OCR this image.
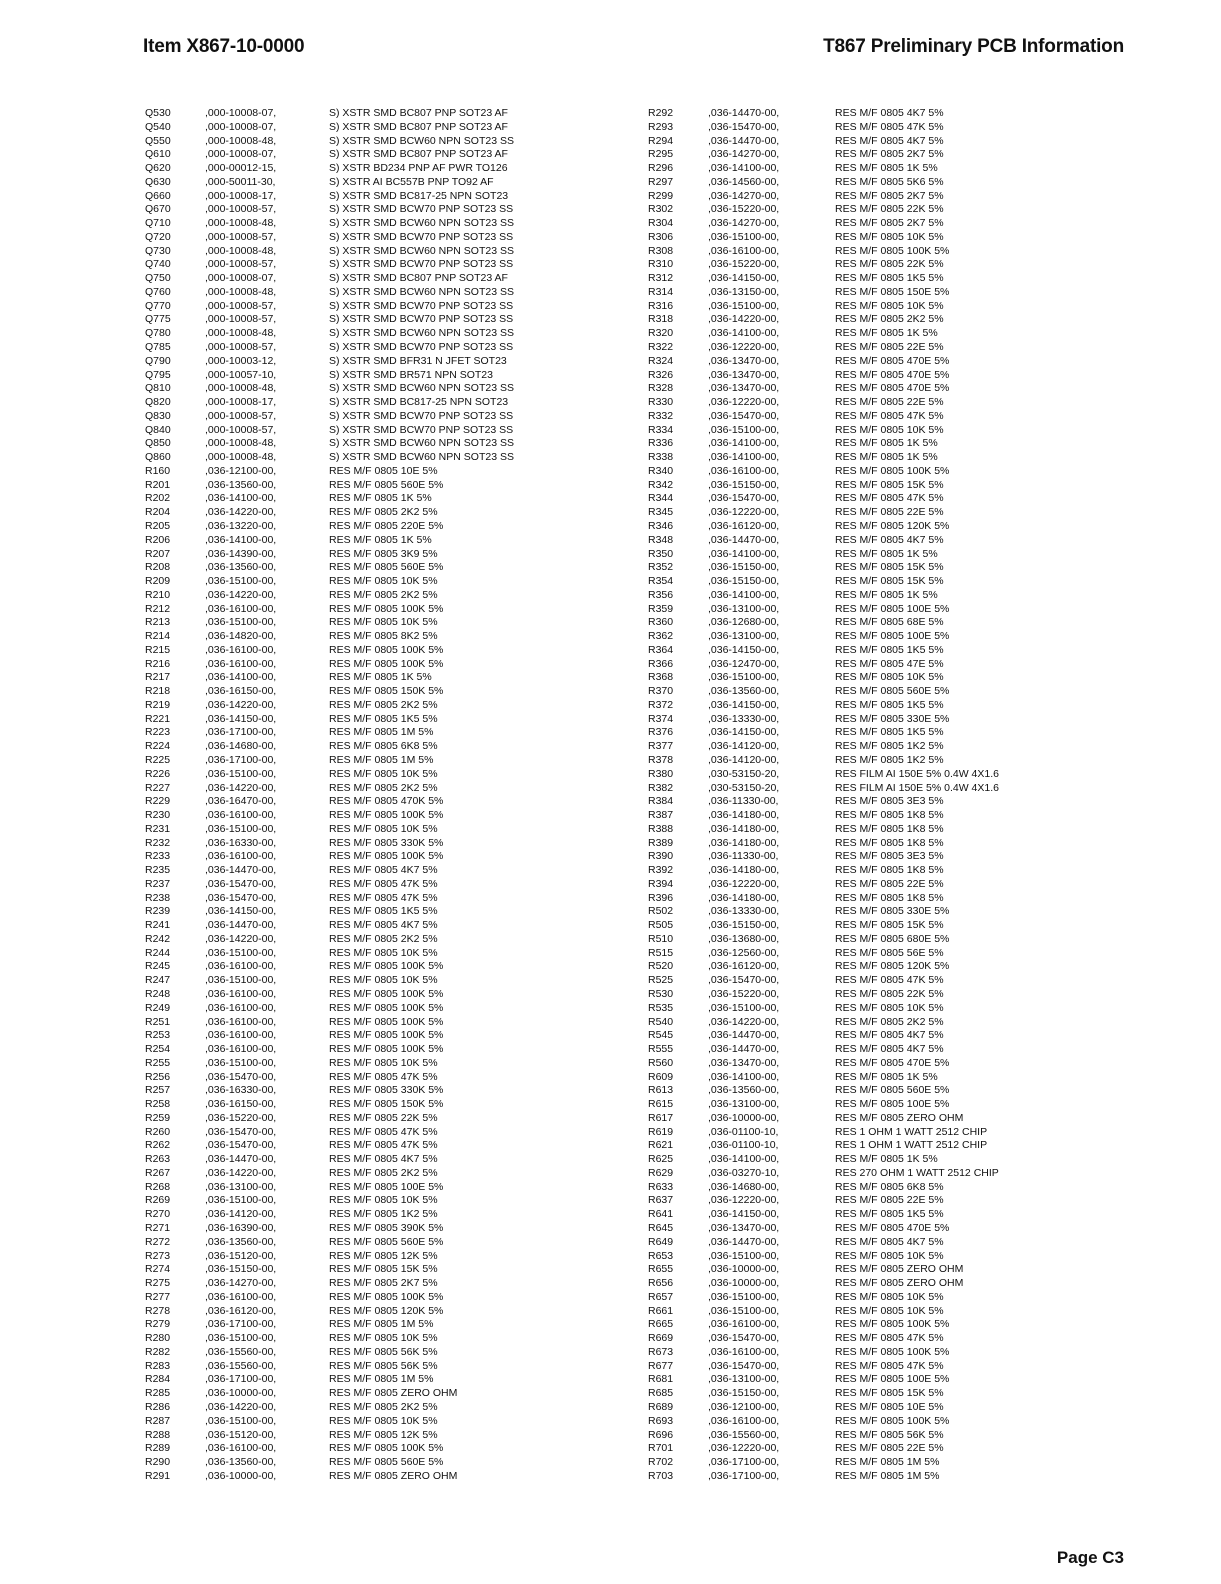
Item X867-10-0000	T867 Preliminary PCB Information
Q530	,000-10008-07,	S) XSTR SMD BC807 PNP SOT23 AF
Q540	,000-10008-07,	S) XSTR SMD BC807 PNP SOT23 AF
Q550	,000-10008-48,	S) XSTR SMD BCW60 NPN SOT23 SS
Q610	,000-10008-07,	S) XSTR SMD BC807 PNP SOT23 AF
Q620	,000-00012-15,	S) XSTR BD234 PNP AF PWR TO126
Q630	,000-50011-30,	S) XSTR AI BC557B PNP TO92 AF
Q660	,000-10008-17,	S) XSTR SMD BC817-25 NPN SOT23
Q670	,000-10008-57,	S) XSTR SMD BCW70 PNP SOT23 SS
Q710	,000-10008-48,	S) XSTR SMD BCW60 NPN SOT23 SS
Q720	,000-10008-57,	S) XSTR SMD BCW70 PNP SOT23 SS
Q730	,000-10008-48,	S) XSTR SMD BCW60 NPN SOT23 SS
Q740	,000-10008-57,	S) XSTR SMD BCW70 PNP SOT23 SS
Q750	,000-10008-07,	S) XSTR SMD BC807 PNP SOT23 AF
Q760	,000-10008-48,	S) XSTR SMD BCW60 NPN SOT23 SS
Q770	,000-10008-57,	S) XSTR SMD BCW70 PNP SOT23 SS
Q775	,000-10008-57,	S) XSTR SMD BCW70 PNP SOT23 SS
Q780	,000-10008-48,	S) XSTR SMD BCW60 NPN SOT23 SS
Q785	,000-10008-57,	S) XSTR SMD BCW70 PNP SOT23 SS
Q790	,000-10003-12,	S) XSTR SMD BFR31 N JFET SOT23
Q795	,000-10057-10,	S) XSTR SMD BR571 NPN SOT23
Q810	,000-10008-48,	S) XSTR SMD BCW60 NPN SOT23 SS
Q820	,000-10008-17,	S) XSTR SMD BC817-25 NPN SOT23
Q830	,000-10008-57,	S) XSTR SMD BCW70 PNP SOT23 SS
Q840	,000-10008-57,	S) XSTR SMD BCW70 PNP SOT23 SS
Q850	,000-10008-48,	S) XSTR SMD BCW60 NPN SOT23 SS
Q860	,000-10008-48,	S) XSTR SMD BCW60 NPN SOT23 SS
R160	,036-12100-00,	RES M/F 0805 10E 5%
R201	,036-13560-00,	RES M/F 0805 560E 5%
R202	,036-14100-00,	RES M/F 0805 1K 5%
R204	,036-14220-00,	RES M/F 0805 2K2 5%
R205	,036-13220-00,	RES M/F 0805 220E 5%
R206	,036-14100-00,	RES M/F 0805 1K 5%
R207	,036-14390-00,	RES M/F 0805 3K9 5%
R208	,036-13560-00,	RES M/F 0805 560E 5%
R209	,036-15100-00,	RES M/F 0805 10K 5%
R210	,036-14220-00,	RES M/F 0805 2K2 5%
R212	,036-16100-00,	RES M/F 0805 100K 5%
R213	,036-15100-00,	RES M/F 0805 10K 5%
R214	,036-14820-00,	RES M/F 0805 8K2 5%
R215	,036-16100-00,	RES M/F 0805 100K 5%
R216	,036-16100-00,	RES M/F 0805 100K 5%
R217	,036-14100-00,	RES M/F 0805 1K 5%
R218	,036-16150-00,	RES M/F 0805 150K 5%
R219	,036-14220-00,	RES M/F 0805 2K2 5%
R221	,036-14150-00,	RES M/F 0805 1K5 5%
R223	,036-17100-00,	RES M/F 0805 1M 5%
R224	,036-14680-00,	RES M/F 0805 6K8 5%
R225	,036-17100-00,	RES M/F 0805 1M 5%
R226	,036-15100-00,	RES M/F 0805 10K 5%
R227	,036-14220-00,	RES M/F 0805 2K2 5%
R229	,036-16470-00,	RES M/F 0805 470K 5%
R230	,036-16100-00,	RES M/F 0805 100K 5%
R231	,036-15100-00,	RES M/F 0805 10K 5%
R232	,036-16330-00,	RES M/F 0805 330K 5%
R233	,036-16100-00,	RES M/F 0805 100K 5%
R235	,036-14470-00,	RES M/F 0805 4K7 5%
R237	,036-15470-00,	RES M/F 0805 47K 5%
R238	,036-15470-00,	RES M/F 0805 47K 5%
R239	,036-14150-00,	RES M/F 0805 1K5 5%
R241	,036-14470-00,	RES M/F 0805 4K7 5%
R242	,036-14220-00,	RES M/F 0805 2K2 5%
R244	,036-15100-00,	RES M/F 0805 10K 5%
R245	,036-16100-00,	RES M/F 0805 100K 5%
R247	,036-15100-00,	RES M/F 0805 10K 5%
R248	,036-16100-00,	RES M/F 0805 100K 5%
R249	,036-16100-00,	RES M/F 0805 100K 5%
R251	,036-16100-00,	RES M/F 0805 100K 5%
R253	,036-16100-00,	RES M/F 0805 100K 5%
R254	,036-16100-00,	RES M/F 0805 100K 5%
R255	,036-15100-00,	RES M/F 0805 10K 5%
R256	,036-15470-00,	RES M/F 0805 47K 5%
R257	,036-16330-00,	RES M/F 0805 330K 5%
R258	,036-16150-00,	RES M/F 0805 150K 5%
R259	,036-15220-00,	RES M/F 0805 22K 5%
R260	,036-15470-00,	RES M/F 0805 47K 5%
R262	,036-15470-00,	RES M/F 0805 47K 5%
R263	,036-14470-00,	RES M/F 0805 4K7 5%
R267	,036-14220-00,	RES M/F 0805 2K2 5%
R268	,036-13100-00,	RES M/F 0805 100E 5%
R269	,036-15100-00,	RES M/F 0805 10K 5%
R270	,036-14120-00,	RES M/F 0805 1K2 5%
R271	,036-16390-00,	RES M/F 0805 390K 5%
R272	,036-13560-00,	RES M/F 0805 560E 5%
R273	,036-15120-00,	RES M/F 0805 12K 5%
R274	,036-15150-00,	RES M/F 0805 15K 5%
R275	,036-14270-00,	RES M/F 0805 2K7 5%
R277	,036-16100-00,	RES M/F 0805 100K 5%
R278	,036-16120-00,	RES M/F 0805 120K 5%
R279	,036-17100-00,	RES M/F 0805 1M 5%
R280	,036-15100-00,	RES M/F 0805 10K 5%
R282	,036-15560-00,	RES M/F 0805 56K 5%
R283	,036-15560-00,	RES M/F 0805 56K 5%
R284	,036-17100-00,	RES M/F 0805 1M 5%
R285	,036-10000-00,	RES M/F 0805 ZERO OHM
R286	,036-14220-00,	RES M/F 0805 2K2 5%
R287	,036-15100-00,	RES M/F 0805 10K 5%
R288	,036-15120-00,	RES M/F 0805 12K 5%
R289	,036-16100-00,	RES M/F 0805 100K 5%
R290	,036-13560-00,	RES M/F 0805 560E 5%
R291	,036-10000-00,	RES M/F 0805 ZERO OHM
R292	,036-14470-00,	RES M/F 0805 4K7 5%
R293	,036-15470-00,	RES M/F 0805 47K 5%
R294	,036-14470-00,	RES M/F 0805 4K7 5%
R295	,036-14270-00,	RES M/F 0805 2K7 5%
R296	,036-14100-00,	RES M/F 0805 1K 5%
R297	,036-14560-00,	RES M/F 0805 5K6 5%
R299	,036-14270-00,	RES M/F 0805 2K7 5%
R302	,036-15220-00,	RES M/F 0805 22K 5%
R304	,036-14270-00,	RES M/F 0805 2K7 5%
R306	,036-15100-00,	RES M/F 0805 10K 5%
R308	,036-16100-00,	RES M/F 0805 100K 5%
R310	,036-15220-00,	RES M/F 0805 22K 5%
R312	,036-14150-00,	RES M/F 0805 1K5 5%
R314	,036-13150-00,	RES M/F 0805 150E 5%
R316	,036-15100-00,	RES M/F 0805 10K 5%
R318	,036-14220-00,	RES M/F 0805 2K2 5%
R320	,036-14100-00,	RES M/F 0805 1K 5%
R322	,036-12220-00,	RES M/F 0805 22E 5%
R324	,036-13470-00,	RES M/F 0805 470E 5%
R326	,036-13470-00,	RES M/F 0805 470E 5%
R328	,036-13470-00,	RES M/F 0805 470E 5%
R330	,036-12220-00,	RES M/F 0805 22E 5%
R332	,036-15470-00,	RES M/F 0805 47K 5%
R334	,036-15100-00,	RES M/F 0805 10K 5%
R336	,036-14100-00,	RES M/F 0805 1K 5%
R338	,036-14100-00,	RES M/F 0805 1K 5%
R340	,036-16100-00,	RES M/F 0805 100K 5%
R342	,036-15150-00,	RES M/F 0805 15K 5%
R344	,036-15470-00,	RES M/F 0805 47K 5%
R345	,036-12220-00,	RES M/F 0805 22E 5%
R346	,036-16120-00,	RES M/F 0805 120K 5%
R348	,036-14470-00,	RES M/F 0805 4K7 5%
R350	,036-14100-00,	RES M/F 0805 1K 5%
R352	,036-15150-00,	RES M/F 0805 15K 5%
R354	,036-15150-00,	RES M/F 0805 15K 5%
R356	,036-14100-00,	RES M/F 0805 1K 5%
R359	,036-13100-00,	RES M/F 0805 100E 5%
R360	,036-12680-00,	RES M/F 0805 68E 5%
R362	,036-13100-00,	RES M/F 0805 100E 5%
R364	,036-14150-00,	RES M/F 0805 1K5 5%
R366	,036-12470-00,	RES M/F 0805 47E 5%
R368	,036-15100-00,	RES M/F 0805 10K 5%
R370	,036-13560-00,	RES M/F 0805 560E 5%
R372	,036-14150-00,	RES M/F 0805 1K5 5%
R374	,036-13330-00,	RES M/F 0805 330E 5%
R376	,036-14150-00,	RES M/F 0805 1K5 5%
R377	,036-14120-00,	RES M/F 0805 1K2 5%
R378	,036-14120-00,	RES M/F 0805 1K2 5%
R380	,030-53150-20,	RES FILM AI 150E 5% 0.4W 4X1.6
R382	,030-53150-20,	RES FILM AI 150E 5% 0.4W 4X1.6
R384	,036-11330-00,	RES M/F 0805 3E3 5%
R387	,036-14180-00,	RES M/F 0805 1K8 5%
R388	,036-14180-00,	RES M/F 0805 1K8 5%
R389	,036-14180-00,	RES M/F 0805 1K8 5%
R390	,036-11330-00,	RES M/F 0805 3E3 5%
R392	,036-14180-00,	RES M/F 0805 1K8 5%
R394	,036-12220-00,	RES M/F 0805 22E 5%
R396	,036-14180-00,	RES M/F 0805 1K8 5%
R502	,036-13330-00,	RES M/F 0805 330E 5%
R505	,036-15150-00,	RES M/F 0805 15K 5%
R510	,036-13680-00,	RES M/F 0805 680E 5%
R515	,036-12560-00,	RES M/F 0805 56E 5%
R520	,036-16120-00,	RES M/F 0805 120K 5%
R525	,036-15470-00,	RES M/F 0805 47K 5%
R530	,036-15220-00,	RES M/F 0805 22K 5%
R535	,036-15100-00,	RES M/F 0805 10K 5%
R540	,036-14220-00,	RES M/F 0805 2K2 5%
R545	,036-14470-00,	RES M/F 0805 4K7 5%
R555	,036-14470-00,	RES M/F 0805 4K7 5%
R560	,036-13470-00,	RES M/F 0805 470E 5%
R609	,036-14100-00,	RES M/F 0805 1K 5%
R613	,036-13560-00,	RES M/F 0805 560E 5%
R615	,036-13100-00,	RES M/F 0805 100E 5%
R617	,036-10000-00,	RES M/F 0805 ZERO OHM
R619	,036-01100-10,	RES 1 OHM 1 WATT 2512 CHIP
R621	,036-01100-10,	RES 1 OHM 1 WATT 2512 CHIP
R625	,036-14100-00,	RES M/F 0805 1K 5%
R629	,036-03270-10,	RES 270 OHM 1 WATT 2512 CHIP
R633	,036-14680-00,	RES M/F 0805 6K8 5%
R637	,036-12220-00,	RES M/F 0805 22E 5%
R641	,036-14150-00,	RES M/F 0805 1K5 5%
R645	,036-13470-00,	RES M/F 0805 470E 5%
R649	,036-14470-00,	RES M/F 0805 4K7 5%
R653	,036-15100-00,	RES M/F 0805 10K 5%
R655	,036-10000-00,	RES M/F 0805 ZERO OHM
R656	,036-10000-00,	RES M/F 0805 ZERO OHM
R657	,036-15100-00,	RES M/F 0805 10K 5%
R661	,036-15100-00,	RES M/F 0805 10K 5%
R665	,036-16100-00,	RES M/F 0805 100K 5%
R669	,036-15470-00,	RES M/F 0805 47K 5%
R673	,036-16100-00,	RES M/F 0805 100K 5%
R677	,036-15470-00,	RES M/F 0805 47K 5%
R681	,036-13100-00,	RES M/F 0805 100E 5%
R685	,036-15150-00,	RES M/F 0805 15K 5%
R689	,036-12100-00,	RES M/F 0805 10E 5%
R693	,036-16100-00,	RES M/F 0805 100K 5%
R696	,036-15560-00,	RES M/F 0805 56K 5%
R701	,036-12220-00,	RES M/F 0805 22E 5%
R702	,036-17100-00,	RES M/F 0805 1M 5%
R703	,036-17100-00,	RES M/F 0805 1M 5%
Page C3
